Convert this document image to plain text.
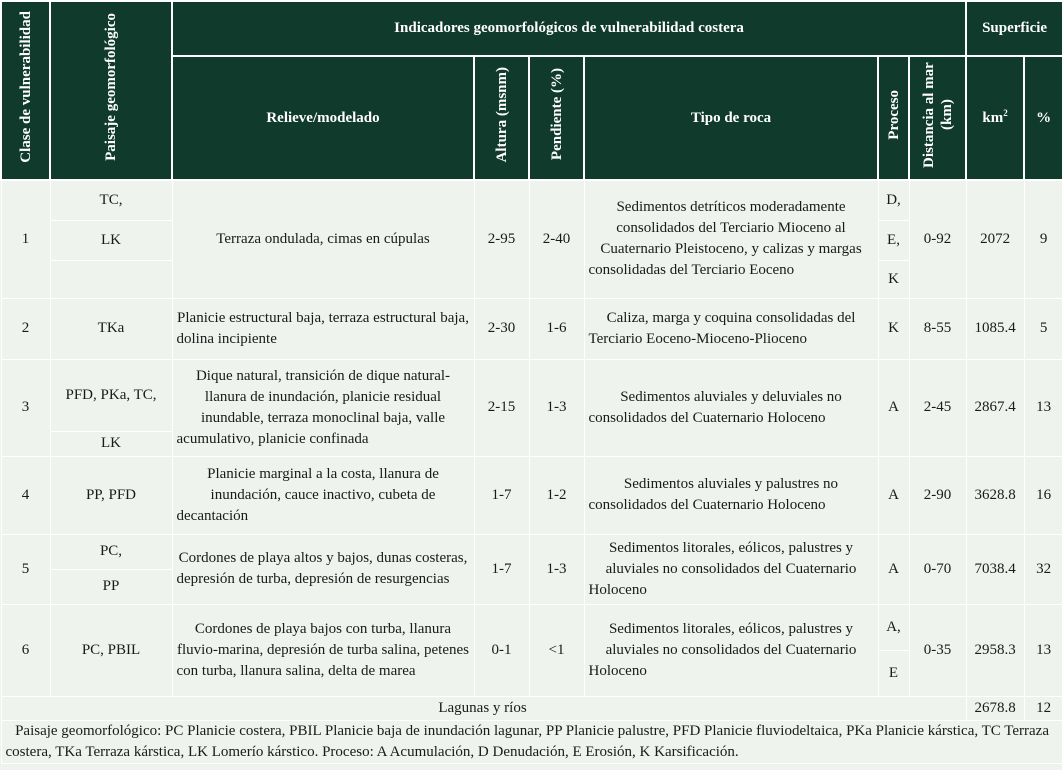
Clase de vulnerabilidad	Paisaje geomorfológico	Indicadores geomorfológicos de vulnerabilidad costera						Superficie	
		Relieve/modelado	Altura (msnm)	Pendiente (%)	Tipo de roca	Proceso	Distancia al mar (km)	$km^2$	%
1	TC,	Terraza ondulada, cimas en cúpulas	2-95	2-40	Sedimentos detríticos moderadamente consolidados del Terciario Mioceno al Cuaternario Pleistoceno, y calizas y margas consolidadas del Terciario Eoceno	D,	0-92	2072	9
	LK					E,			
						K			
2	TKa	Planicie estructural baja, terraza estructural baja, dolina incipiente	2-30	1-6	Caliza, marga y coquina consolidadas del Terciario Eoceno-Mioceno-Plioceno	K	8-55	1085.4	5
3	PFD, PKa, TC,	Dique natural, transición de dique natural-llanura de inundación, planicie residual inundable, terraza monoclinal baja, valle acumulativo, planicie confinada	2-15	1-3	Sedimentos aluviales y deluviales no consolidados del Cuaternario Holoceno	A	2-45	2867.4	13
	LK								
4	PP, PFD	Planicie marginal a la costa, llanura de inundación, cauce inactivo, cubeta de decantación	1-7	1-2	Sedimentos aluviales y palustres no consolidados del Cuaternario Holoceno	A	2-90	3628.8	16
5	PC,	Cordones de playa altos y bajos, dunas costeras, depresión de turba, depresión de resurgencias	1-7	1-3	Sedimentos litorales, eólicos, palustres y aluviales no consolidados del Cuaternario Holoceno	A	0-70	7038.4	32
	PP								
6	PC, PBIL	Cordones de playa bajos con turba, llanura fluvio-marina, depresión de turba salina, petenes con turba, llanura salina, delta de marea	0-1	<1	Sedimentos litorales, eólicos, palustres y aluviales no consolidados del Cuaternario Holoceno	A,	0-35	2958.3	13
						E			
Lagunas y ríos								2678.8	12
Paisaje geomorfológico: PC Planicie costera, PBIL Planicie baja de inundación lagunar, PP Planicie palustre, PFD Planicie fluviodeltaica, PKa Planicie kárstica, TC Terraza costera, TKa Terraza kárstica, LK Lomerío kárstico. Proceso: A Acumulación, D Denudación, E Erosión, K Karsificación.									
